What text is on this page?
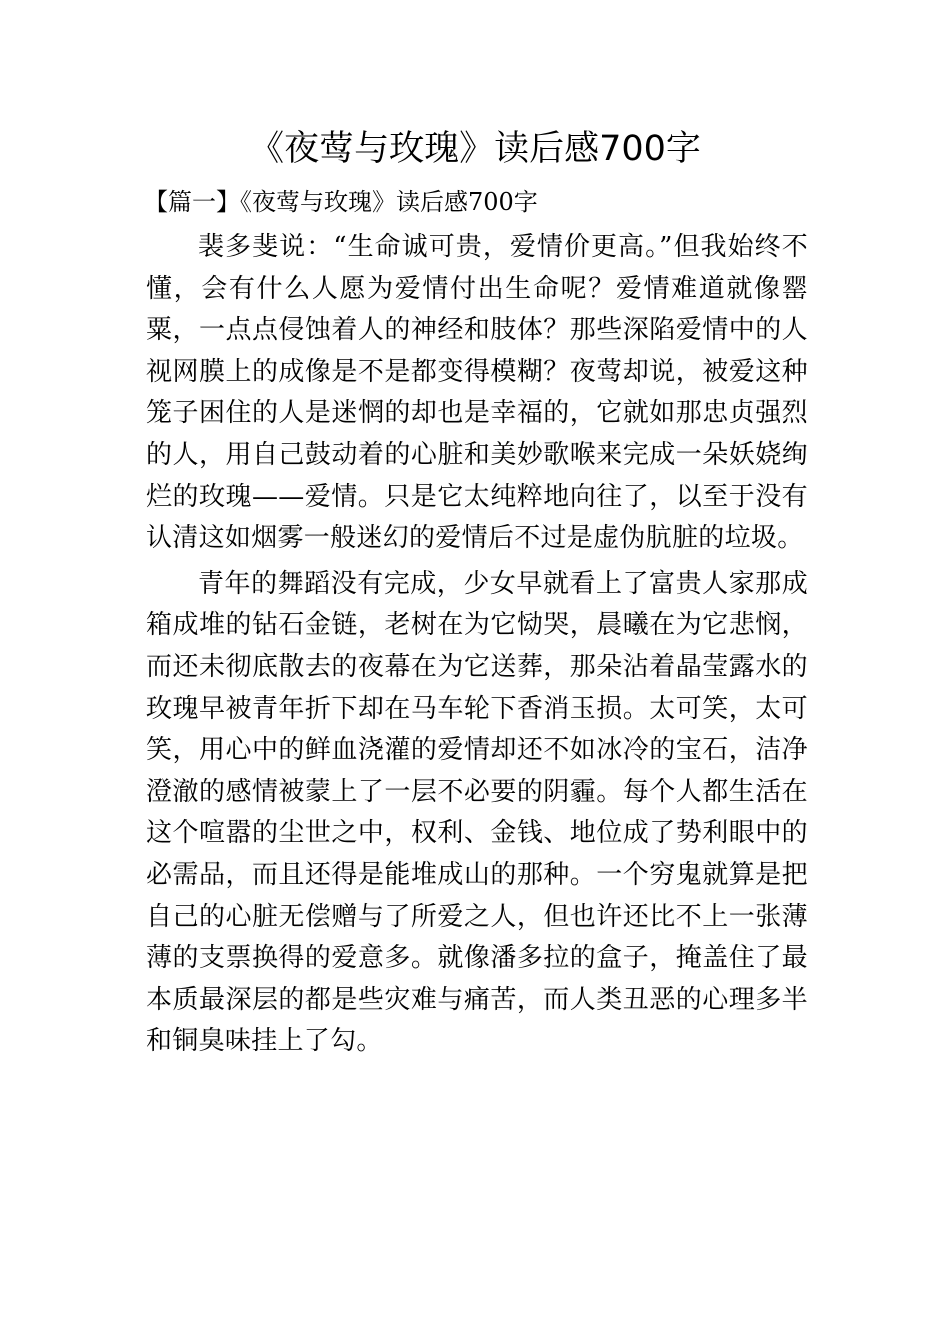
《夜莺与玫瑰》读后感700字
【篇一】《夜莺与玫瑰》读后感700字

裴多斐说：“生命诚可贵，爱情价更高。”但我始终不懂，会有什么人愿为爱情付出生命呢？爱情难道就像罂粟，一点点侵蚀着人的神经和肢体？那些深陷爱情中的人视网膜上的成像是不是都变得模糊？夜莺却说，被爱这种笼子困住的人是迷惘的却也是幸福的，它就如那忠贞强烈的人，用自己鼓动着的心脏和美妙歌喉来完成一朵妖娆绚烂的玫瑰——爱情。只是它太纯粹地向往了，以至于没有认清这如烟雾一般迷幻的爱情后不过是虚伪肮脏的垃圾。

青年的舞蹈没有完成，少女早就看上了富贵人家那成箱成堆的钻石金链，老树在为它恸哭，晨曦在为它悲悯，而还未彻底散去的夜幕在为它送葬，那朵沾着晶莹露水的玫瑰早被青年折下却在马车轮下香消玉损。太可笑，太可笑，用心中的鲜血浇灌的爱情却还不如冰冷的宝石，洁净澄澈的感情被蒙上了一层不必要的阴霾。每个人都生活在这个喧嚣的尘世之中，权利、金钱、地位成了势利眼中的必需品，而且还得是能堆成山的那种。一个穷鬼就算是把自己的心脏无偿赠与了所爱之人，但也许还比不上一张薄薄的支票换得的爱意多。就像潘多拉的盒子，掩盖住了最本质最深层的都是些灾难与痛苦，而人类丑恶的心理多半和铜臭味挂上了勾。
